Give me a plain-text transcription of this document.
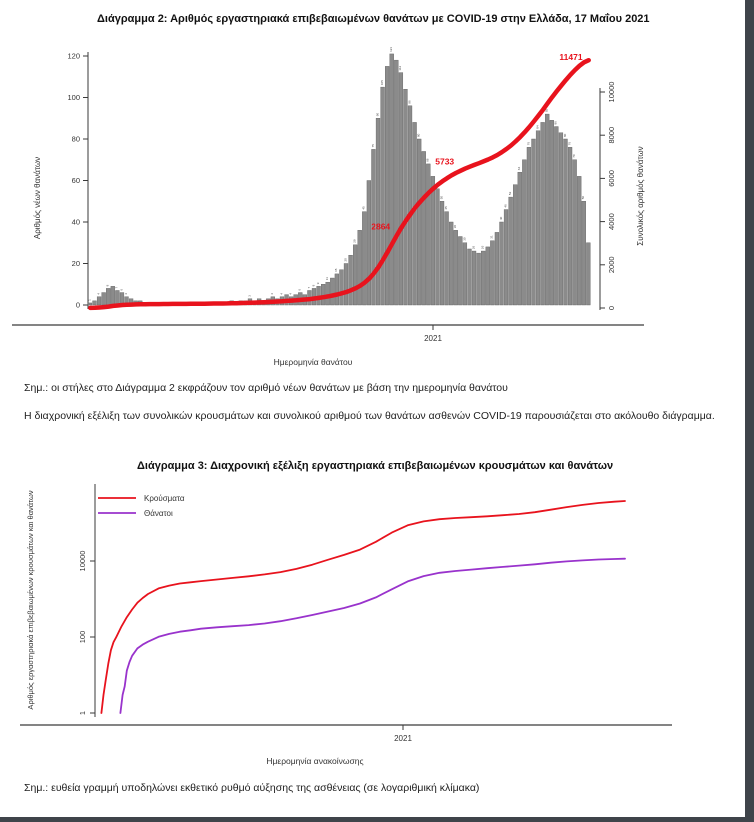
Διάγραμμα 2: Αριθμός εργαστηριακά επιβεβαιωμένων θανάτων με COVID-19 στην Ελλάδα, 17 Μαΐου 2021
0
20
40
60
80
100
120
Αριθμός νέων θανάτων
0
2000
4000
6000
8000
10000
Συνολικός αριθμός θανάτων
2021
Ημερομηνία θανάτου
1
4
8
7
6
4
3
4 4 4
6
7
8
9
11
15
20
29
45
75
90
105
121
112
96
80
68
56
50
45
36
30
26 26
31
40
46
52
64
76
84
92
86
80
76
70
50
2864
5733
11471
Σημ.: οι στήλες στο Διάγραμμα 2 εκφράζουν τον αριθμό νέων θανάτων με βάση την ημερομηνία θανάτου
Η διαχρονική εξέλιξη των συνολικών κρουσμάτων και συνολικού αριθμού των θανάτων ασθενών COVID-19 παρουσιάζεται στο ακόλουθο διάγραμμα.
Διάγραμμα 3: Διαχρονική εξέλιξη εργαστηριακά επιβεβαιωμένων κρουσμάτων και θανάτων
1
100
10000
Αριθμός εργαστηριακά επιβεβαιωμένων κρουσμάτων και θανάτων
2021
Ημερομηνία ανακοίνωσης
Κρούσματα
Θάνατοι
Σημ.: ευθεία γραμμή υποδηλώνει εκθετικό ρυθμό αύξησης της ασθένειας (σε λογαριθμική κλίμακα)
